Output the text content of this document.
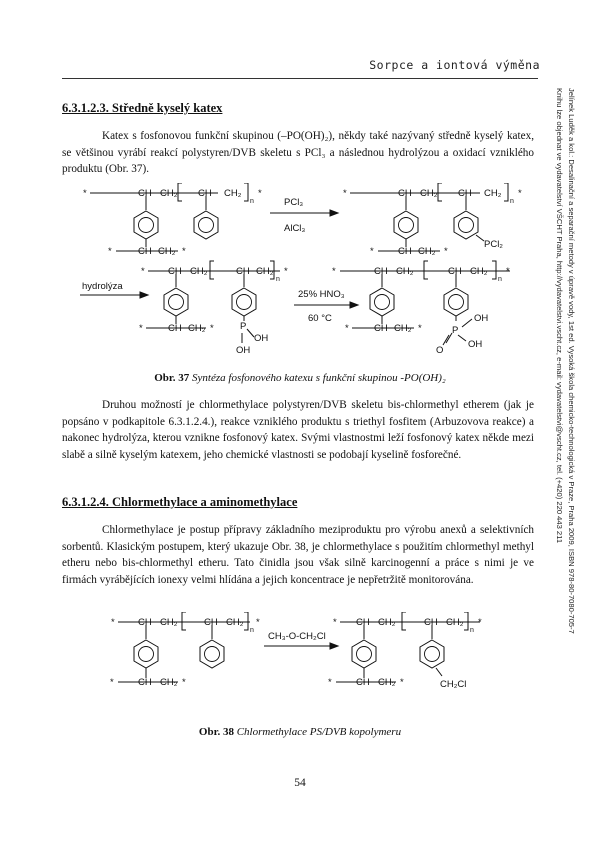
Sorpce a iontová výměna
Jelínek Luděk a kol.: Desalinační a separační metody v úpravě vody, 1st ed. Vysoká škola chemicko-technologická v Praze, Praha 2009, ISBN 978-80-7080-705-7
Knihu lze objednat ve vydavatelství VŠCHT Praha, http://vydavatelstvi.vscht.cz, e-mail: vydavatelstvi@vscht.cz, tel. (+420) 220 443 211
6.3.1.2.3. Středně kyselý katex

Katex s fosfonovou funkční skupinou (–PO(OH)₂), někdy také nazývaný středně kyselý katex, se většinou vyrábí reakcí polystyren/DVB skeletu s PCl₃ a následnou hydrolýzou a oxidací vzniklého produktu (Obr. 37).

*	CH CH₂ CH CH₂
n
*
CH CH₂
*	*
PCl₃
AlCl₃
*	CH CH₂ CH CH₂
n
*
CH CH₂
*	*
PCl₂
* CH CH₂	CH CH₂
n
*
CH CH₂
*	*	P
OH
OH
hydrolýza
25% HNO₃
60 °C
*	CH CH₂	CH CH₂
n
*
CH CH₂
*	*	P
OH
OH
O
Obr. 37 Syntéza fosfonového katexu s funkční skupinou -PO(OH)₂

Druhou možností je chlormethylace polystyren/DVB skeletu bis-chlormethyl etherem (jak je popsáno v podkapitole 6.3.1.2.4.), reakce vzniklého produktu s triethyl fosfitem (Arbuzovova reakce) a nakonec hydrolýza, kterou vznikne fosfonový katex. Svými vlastnostmi leží fosfonový katex někde mezi slabě a silně kyselým katexem, jeho chemické vlastnosti se podobají kyselině fosforečné.

6.3.1.2.4. Chlormethylace a aminomethylace

Chlormethylace je postup přípravy základního meziproduktu pro výrobu anexů a selektivních sorbentů. Klasickým postupem, který ukazuje Obr. 38, je chlormethylace s použitím chlormethyl methyl etheru nebo bis-chlormethyl etheru. Tato činidla jsou však silně karcinogenní a práce s nimi je ve firmách vyrábějících ionexy velmi hlídána a jejich koncentrace je nepřetržitě monitorována.

* CH CH₂	CH CH₂
n
*
CH CH₂
*	*
CH₃-O-CH₂Cl
* CH CH₂	CH CH₂
n
*
CH CH₂
*	*	CH₂Cl
Obr. 38 Chlormethylace PS/DVB kopolymeru
54
